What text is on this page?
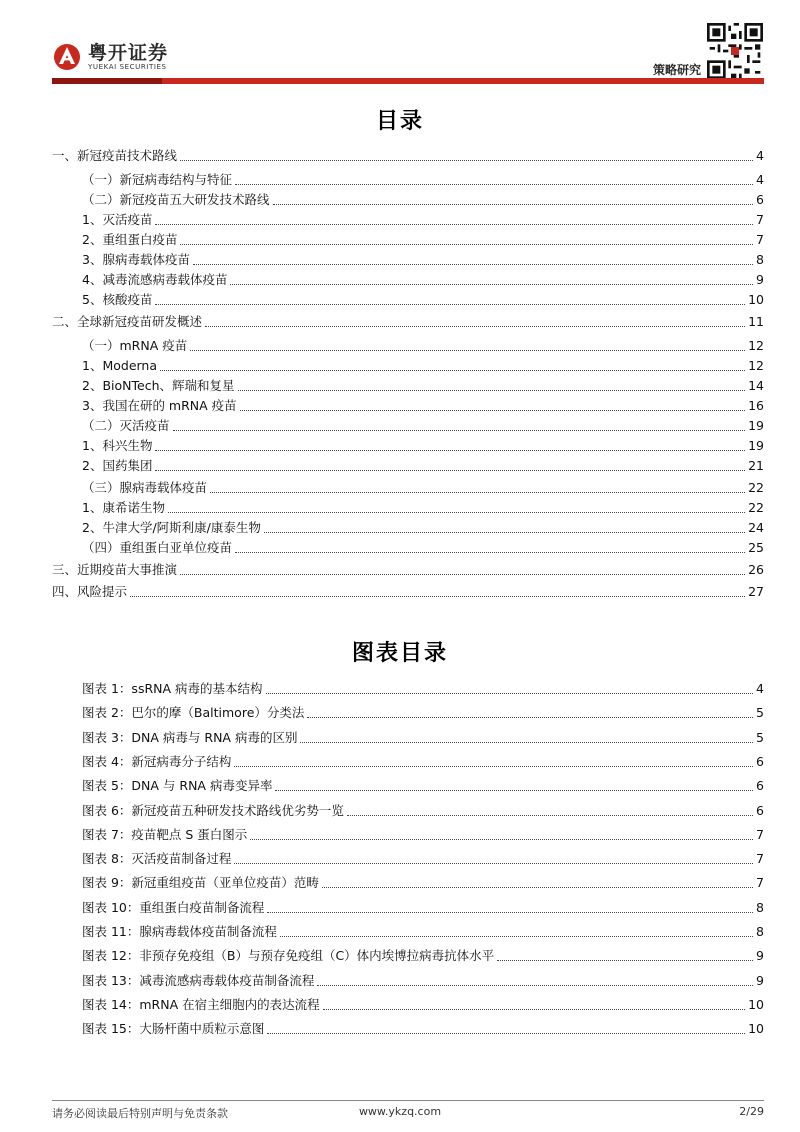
粤开证券
YUEKAI SECURITIES	策略研究
目录
一、新冠疫苗技术路线	4
（一）新冠病毒结构与特征	4
（二）新冠疫苗五大研发技术路线	6
1、灭活疫苗	7
2、重组蛋白疫苗	7
3、腺病毒载体疫苗	8
4、减毒流感病毒载体疫苗	9
5、核酸疫苗	10
二、全球新冠疫苗研发概述	11
（一）mRNA 疫苗	12
1、Moderna	12
2、BioNTech、辉瑞和复星	14
3、我国在研的 mRNA 疫苗	16
（二）灭活疫苗	19
1、科兴生物	19
2、国药集团	21
（三）腺病毒载体疫苗	22
1、康希诺生物	22
2、牛津大学/阿斯利康/康泰生物	24
（四）重组蛋白亚单位疫苗	25
三、近期疫苗大事推演	26
四、风险提示	27
图表目录
图表 1：ssRNA 病毒的基本结构	4
图表 2：巴尔的摩（Baltimore）分类法	5
图表 3：DNA 病毒与 RNA 病毒的区别	5
图表 4：新冠病毒分子结构	6
图表 5：DNA 与 RNA 病毒变异率	6
图表 6：新冠疫苗五种研发技术路线优劣势一览	6
图表 7：疫苗靶点 S 蛋白图示	7
图表 8：灭活疫苗制备过程	7
图表 9：新冠重组疫苗（亚单位疫苗）范畴	7
图表 10：重组蛋白疫苗制备流程	8
图表 11：腺病毒载体疫苗制备流程	8
图表 12：非预存免疫组（B）与预存免疫组（C）体内埃博拉病毒抗体水平	9
图表 13：减毒流感病毒载体疫苗制备流程	9
图表 14：mRNA 在宿主细胞内的表达流程	10
图表 15：大肠杆菌中质粒示意图	10
请务必阅读最后特别声明与免责条款	www.ykzq.com	2/29
